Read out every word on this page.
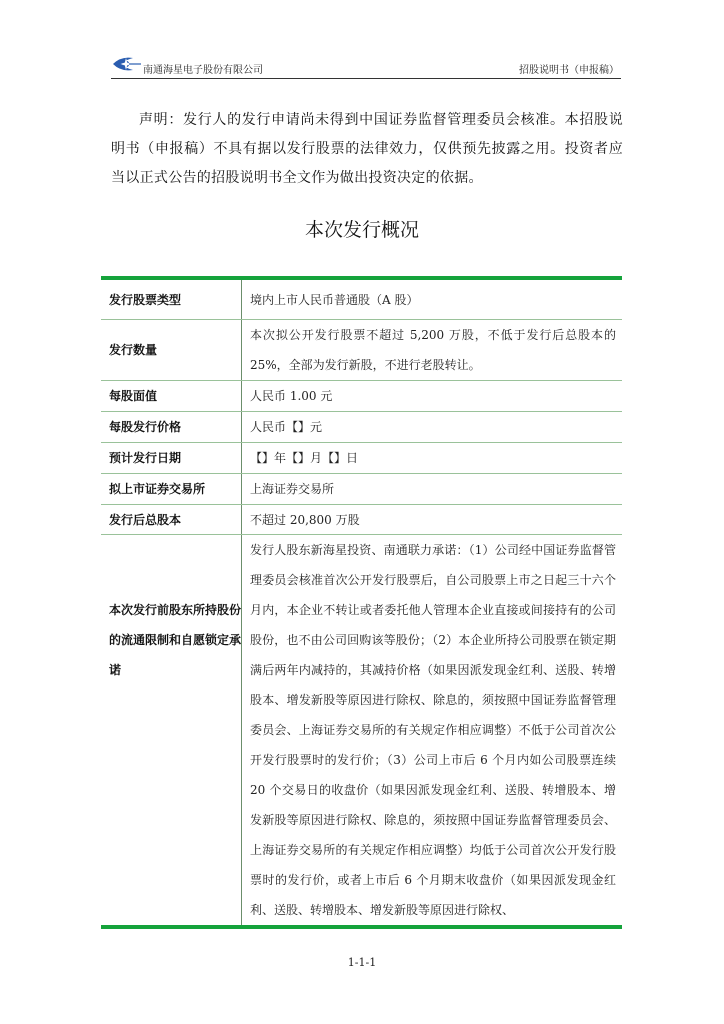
南通海星电子股份有限公司	招股说明书（申报稿）
声明：发行人的发行申请尚未得到中国证券监督管理委员会核准。本招股说明书（申报稿）不具有据以发行股票的法律效力，仅供预先披露之用。投资者应当以正式公告的招股说明书全文作为做出投资决定的依据。
本次发行概况
发行股票类型	境内上市人民币普通股（A 股）
发行数量	本次拟公开发行股票不超过 5,200 万股，不低于发行后总股本的 25%，全部为发行新股，不进行老股转让。
每股面值	人民币 1.00 元
每股发行价格	人民币【】元
预计发行日期	【】年【】月【】日
拟上市证券交易所	上海证券交易所
发行后总股本	不超过 20,800 万股

本次发行前股东所持股份的流通限制和自愿锁定承诺	发行人股东新海星投资、南通联力承诺：（1）公司经中国证券监督管理委员会核准首次公开发行股票后，自公司股票上市之日起三十六个月内，本企业不转让或者委托他人管理本企业直接或间接持有的公司股份，也不由公司回购该等股份；（2）本企业所持公司股票在锁定期满后两年内减持的，其减持价格（如果因派发现金红利、送股、转增股本、增发新股等原因进行除权、除息的，须按照中国证券监督管理委员会、上海证券交易所的有关规定作相应调整）不低于公司首次公开发行股票时的发行价；（3）公司上市后 6 个月内如公司股票连续 20 个交易日的收盘价（如果因派发现金红利、送股、转增股本、增发新股等原因进行除权、除息的，须按照中国证券监督管理委员会、上海证券交易所的有关规定作相应调整）均低于公司首次公开发行股票时的发行价，或者上市后 6 个月期末收盘价（如果因派发现金红利、送股、转增股本、增发新股等原因进行除权、
1-1-1
